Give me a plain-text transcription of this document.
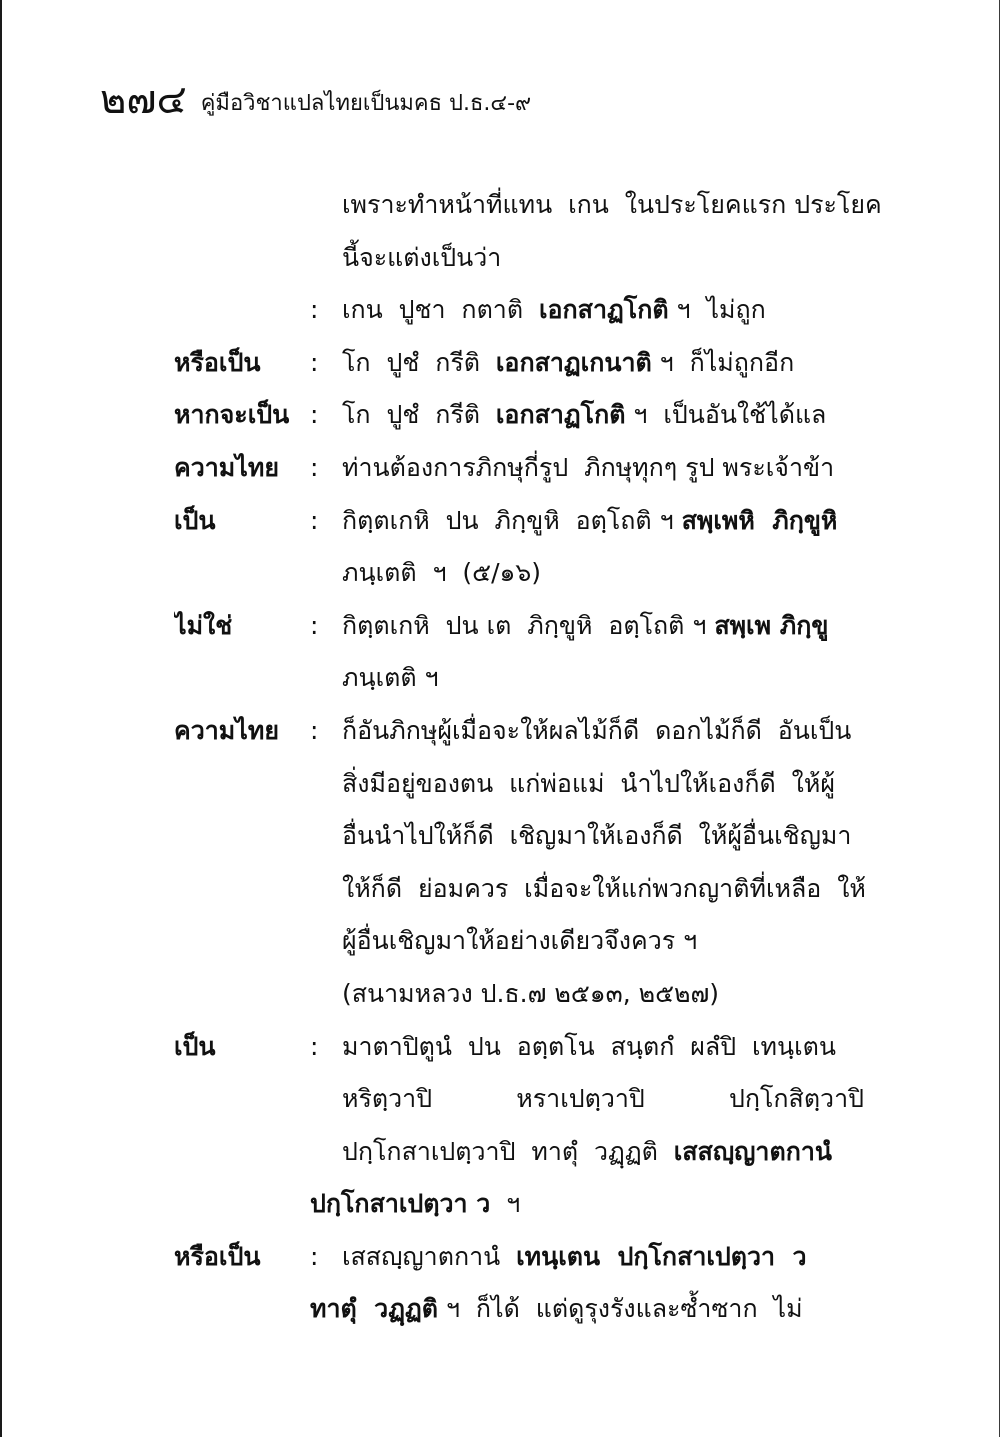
๒๗๔ คู่มือวิชาแปลไทยเป็นมคธ ป.ธ.๔-๙
เพราะทำหน้าที่แทน  เกน  ในประโยคแรก ประโยค
นี้จะแต่งเป็นว่า
: เกน  ปูชา  กตาติ  เอกสาฏโกติ ฯ  ไม่ถูก
หรือเป็น	: โก  ปูชํ  กรีติ  เอกสาฏเกนาติ ฯ  ก็ไม่ถูกอีก
หากจะเป็น : โก  ปูชํ  กรีติ  เอกสาฏโกติ ฯ  เป็นอันใช้ได้แล
ความไทย	: ท่านต้องการภิกษุกี่รูป  ภิกษุทุกๆ รูป พระเจ้าข้า
เป็น	: กิตฺตเกหิ  ปน  ภิกฺขูหิ  อตฺโถติ ฯ สพฺเพหิ  ภิกฺขูหิ
ภนฺเตติ  ฯ  (๕/๑๖)
ไม่ใช่	: กิตฺตเกหิ  ปน เต  ภิกฺขูหิ  อตฺโถติ ฯ สพฺเพ ภิกฺขู
ภนฺเตติ ฯ
ความไทย	: ก็อันภิกษุผู้เมื่อจะให้ผลไม้ก็ดี  ดอกไม้ก็ดี  อันเป็น
สิ่งมีอยู่ของตน  แก่พ่อแม่  นำไปให้เองก็ดี  ให้ผู้
อื่นนำไปให้ก็ดี  เชิญมาให้เองก็ดี  ให้ผู้อื่นเชิญมา
ให้ก็ดี  ย่อมควร  เมื่อจะให้แก่พวกญาติที่เหลือ  ให้
ผู้อื่นเชิญมาให้อย่างเดียวจึงควร ฯ
(สนามหลวง ป.ธ.๗ ๒๕๑๓, ๒๕๒๗)
เป็น	: มาตาปิตูนํ  ปน  อตฺตโน  สนฺตกํ  ผลํปิ  เทนฺเตน
หริตฺวาปิ	หราเปตฺวาปิ	ปกฺโกสิตฺวาปิ
ปกฺโกสาเปตฺวาปิ  ทาตุํ  วฏฺฏติ  เสสญฺญาตกานํ
ปกฺโกสาเปตฺวา ว  ฯ
หรือเป็น	: เสสญฺญาตกานํ  เทนฺเตน  ปกฺโกสาเปตฺวา  ว
ทาตุํ  วฏฺฏติ ฯ  ก็ได้  แต่ดูรุงรังและซ้ำซาก  ไม่
